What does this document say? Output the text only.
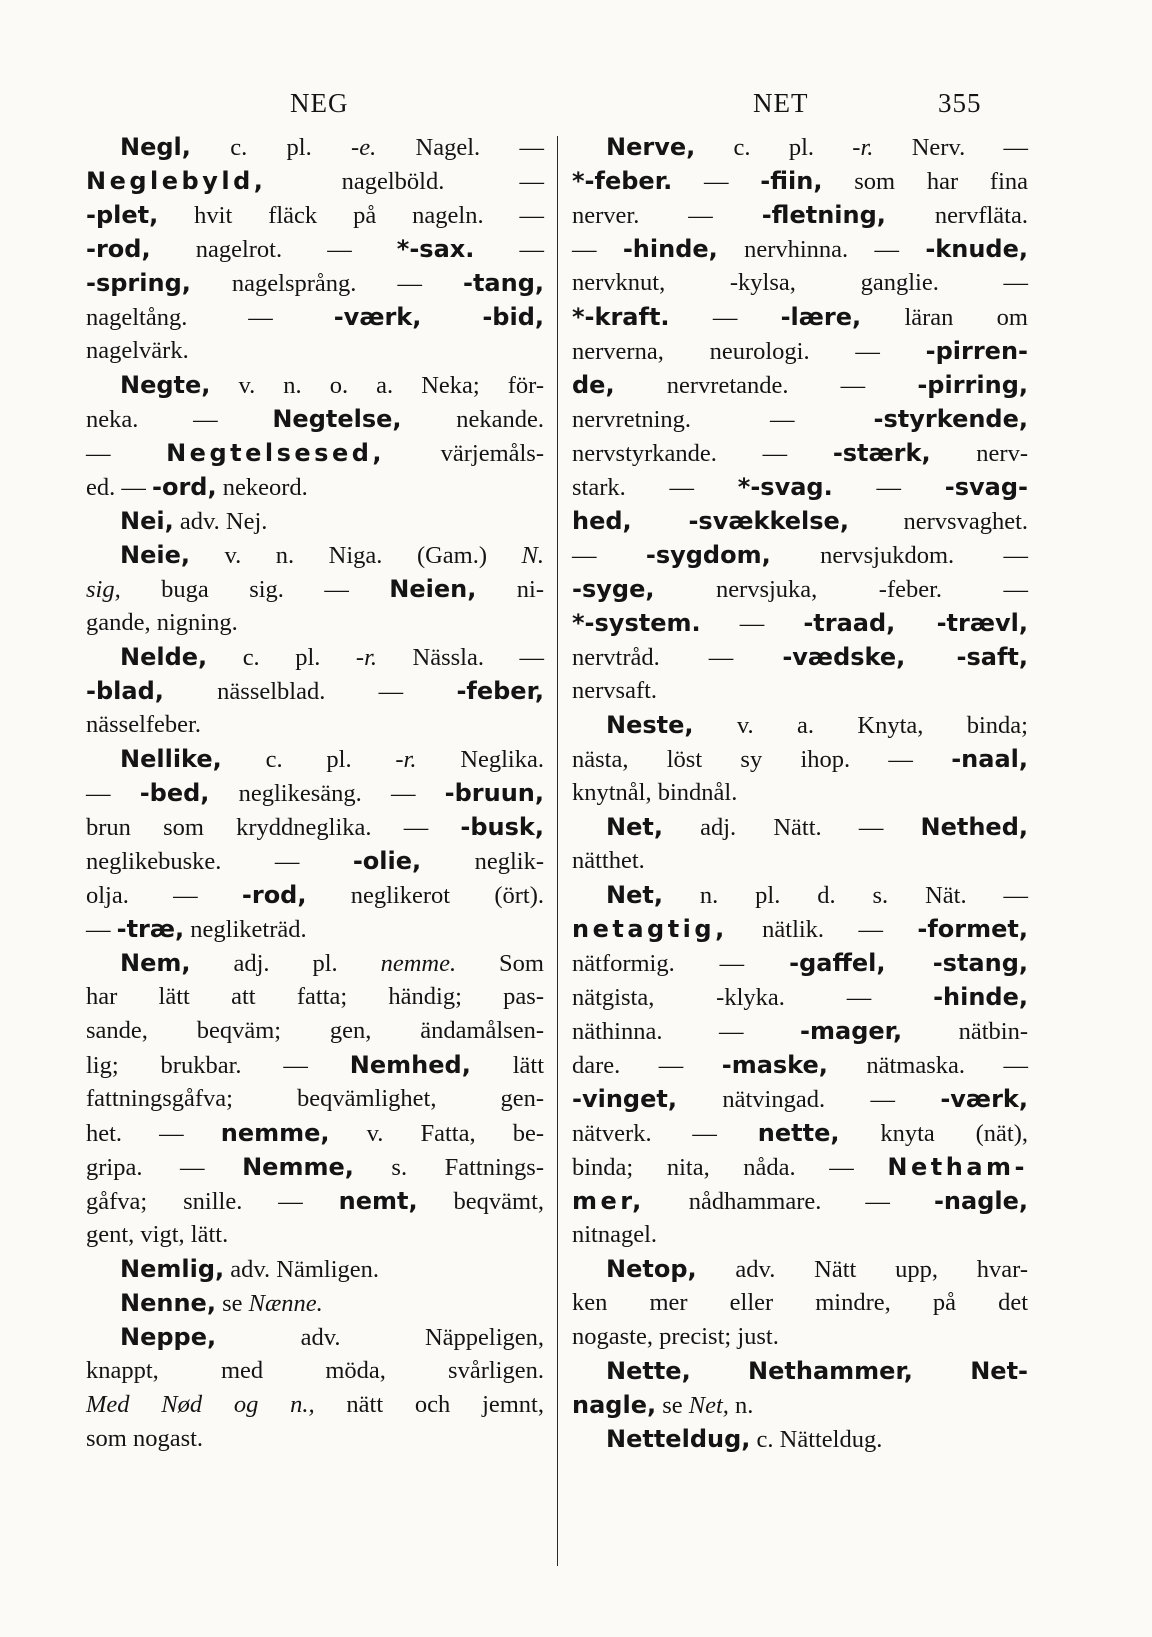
NEG	NET	355
Negl, c. pl. -e. Nagel. —
Neglebyld, nagelböld. —
-plet, hvit fläck på nageln. —
-rod, nagelrot. — *-sax. —
-spring, nagelsprång. — -tang,
nageltång. — -værk,	-bid,
nagelvärk.
Negte, v. n. o. a. Neka; för-
neka. — Negtelse, nekande.
— Negtelsesed, värjemåls-
ed. — -ord, nekeord.
Nei, adv. Nej.
Neie, v. n. Niga. (Gam.) N.
sig, buga sig. — Neien, ni-
gande, nigning.
Nelde, c. pl. -r. Nässla. —
-blad, nässelblad. — -feber,
nässelfeber.
Nellike, c. pl. -r. Neglika.
— -bed, neglikesäng. — -bruun,
brun som kryddneglika. — -busk,
neglikebuske. — -olie, neglik-
olja. — -rod, neglikerot (ört).
— -træ, negliketräd.
Nem, adj. pl. nemme. Som
har lätt att fatta; händig; pas-
sande, beqväm; gen, ändamålsen-
lig; brukbar. — Nemhed, lätt
fattningsgåfva; beqvämlighet, gen-
het. — nemme, v. Fatta, be-
gripa. — Nemme, s. Fattnings-
gåfva; snille. — nemt, beqvämt,
gent, vigt, lätt.
Nemlig, adv. Nämligen.
Nenne, se Nænne.
Neppe, adv. Näppeligen,
knappt, med möda, svårligen.
Med Nød og n., nätt och jemnt,
som nogast.
Nerve, c. pl. -r. Nerv. —
*-feber. — -fiin, som har fina
nerver. — -fletning, nervfläta.
— -hinde, nervhinna. — -knude,
nervknut, -kylsa, ganglie. —
*-kraft. — -lære, läran om
nerverna, neurologi. — -pirren-
de, nervretande. — -pirring,
nervretning. — -styrkende,
nervstyrkande. — -stærk, nerv-
stark. — *-svag. — -svag-
hed, -svækkelse, nervsvaghet.
— -sygdom, nervsjukdom. —
-syge, nervsjuka, -feber. —
*-system. — -traad, -trævl,
nervtråd. — -vædske, -saft,
nervsaft.
Neste, v. a. Knyta, binda;
nästa, löst sy ihop. — -naal,
knytnål, bindnål.
Net, adj. Nätt. — Nethed,
nätthet.
Net, n. pl. d. s. Nät. —
netagtig, nätlik. — -formet,
nätformig. — -gaffel, -stang,
nätgista, -klyka. — -hinde,
näthinna. — -mager, nätbin-
dare. — -maske, nätmaska. —
-vinget, nätvingad. — -værk,
nätverk. — nette, knyta (nät),
binda; nita, nåda. — Netham-
mer, nådhammare. — -nagle,
nitnagel.
Netop, adv. Nätt upp, hvar-
ken mer eller mindre, på det
nogaste, precist; just.
Nette, Nethammer, Net-
nagle, se Net, n.
Netteldug, c. Nätteldug.
